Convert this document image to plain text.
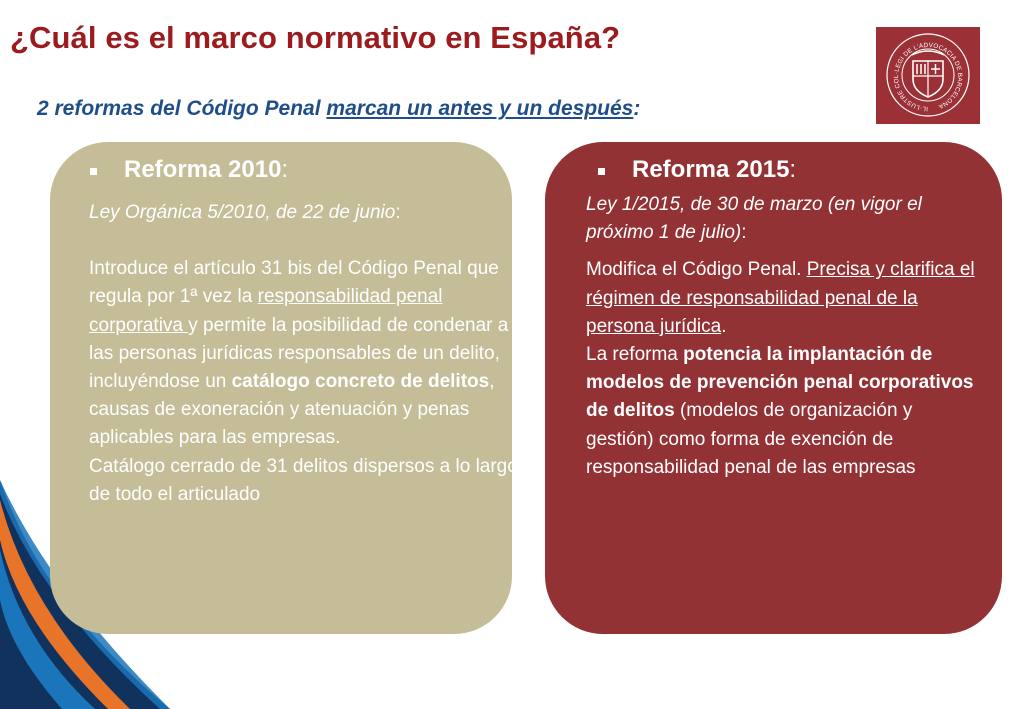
¿Cuál es el marco normativo en España?
2 reformas del Código Penal marcan un antes y un después:	IL·LUSTRE COL·LEGI DE L'ADVOCACIA DE BARCELONA
Reforma 2010:

Ley Orgánica 5/2010, de 22 de junio:

Introduce el artículo 31 bis del Código Penal que regula por 1ª vez la responsabilidad penal corporativa y permite la posibilidad de condenar a las personas jurídicas responsables de un delito, incluyéndose un catálogo concreto de delitos, causas de exoneración y atenuación y penas aplicables para las empresas.

Catálogo cerrado de 31 delitos dispersos a lo largo de todo el articulado

Reforma 2015:

Ley 1/2015, de 30 de marzo (en vigor el próximo 1 de julio):

Modifica el Código Penal. Precisa y clarifica el régimen de responsabilidad penal de la persona jurídica.

La reforma potencia la implantación de modelos de prevención penal corporativos de delitos (modelos de organización y gestión) como forma de exención de responsabilidad penal de las empresas
